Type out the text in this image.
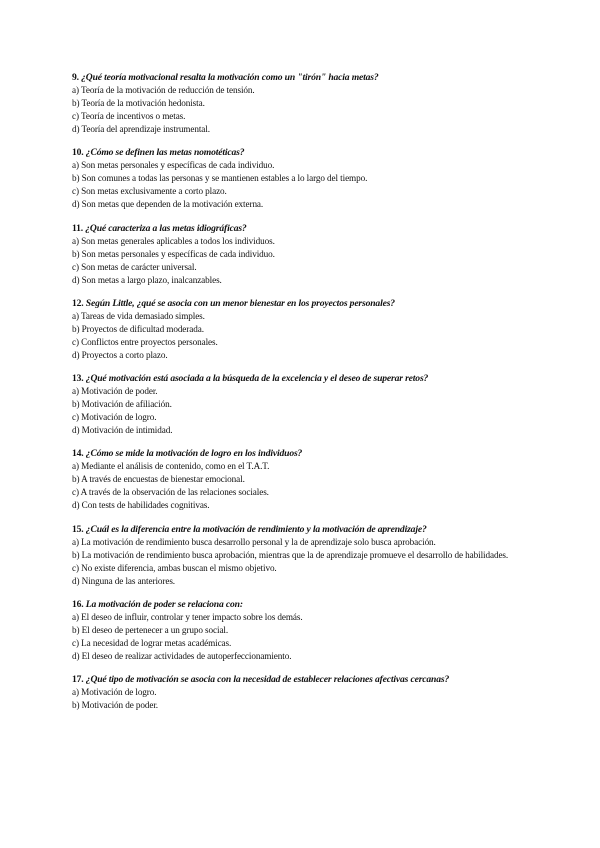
9. ¿Qué teoría motivacional resalta la motivación como un "tirón" hacia metas?
a) Teoría de la motivación de reducción de tensión.
b) Teoría de la motivación hedonista.
c) Teoría de incentivos o metas.
d) Teoría del aprendizaje instrumental.
10. ¿Cómo se definen las metas nomotéticas?
a) Son metas personales y específicas de cada individuo.
b) Son comunes a todas las personas y se mantienen estables a lo largo del tiempo.
c) Son metas exclusivamente a corto plazo.
d) Son metas que dependen de la motivación externa.
11. ¿Qué caracteriza a las metas idiográficas?
a) Son metas generales aplicables a todos los individuos.
b) Son metas personales y específicas de cada individuo.
c) Son metas de carácter universal.
d) Son metas a largo plazo, inalcanzables.
12. Según Little, ¿qué se asocia con un menor bienestar en los proyectos personales?
a) Tareas de vida demasiado simples.
b) Proyectos de dificultad moderada.
c) Conflictos entre proyectos personales.
d) Proyectos a corto plazo.
13. ¿Qué motivación está asociada a la búsqueda de la excelencia y el deseo de superar retos?
a) Motivación de poder.
b) Motivación de afiliación.
c) Motivación de logro.
d) Motivación de intimidad.
14. ¿Cómo se mide la motivación de logro en los individuos?
a) Mediante el análisis de contenido, como en el T.A.T.
b) A través de encuestas de bienestar emocional.
c) A través de la observación de las relaciones sociales.
d) Con tests de habilidades cognitivas.
15. ¿Cuál es la diferencia entre la motivación de rendimiento y la motivación de aprendizaje?
a) La motivación de rendimiento busca desarrollo personal y la de aprendizaje solo busca aprobación.
b) La motivación de rendimiento busca aprobación, mientras que la de aprendizaje promueve el desarrollo de habilidades.
c) No existe diferencia, ambas buscan el mismo objetivo.
d) Ninguna de las anteriores.
16. La motivación de poder se relaciona con:
a) El deseo de influir, controlar y tener impacto sobre los demás.
b) El deseo de pertenecer a un grupo social.
c) La necesidad de lograr metas académicas.
d) El deseo de realizar actividades de autoperfeccionamiento.
17. ¿Qué tipo de motivación se asocia con la necesidad de establecer relaciones afectivas cercanas?
a) Motivación de logro.
b) Motivación de poder.
